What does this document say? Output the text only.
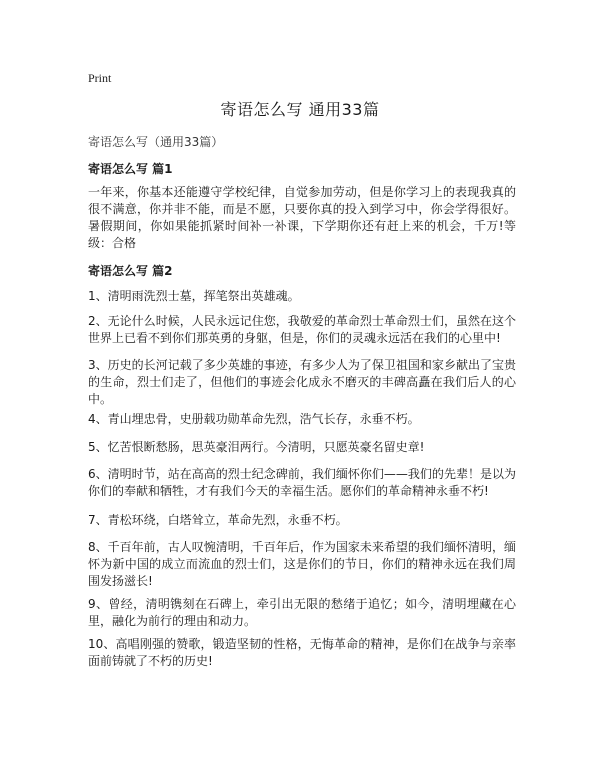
Print
寄语怎么写 通用33篇
寄语怎么写（通用33篇）
寄语怎么写 篇1

一年来，你基本还能遵守学校纪律，自觉参加劳动，但是你学习上的表现我真的很不满意，你并非不能，而是不愿，只要你真的投入到学习中，你会学得很好。暑假期间，你如果能抓紧时间补一补课，下学期你还有赶上来的机会，千万!等级：合格

寄语怎么写 篇2

1、清明雨洗烈士墓，挥笔祭出英雄魂。

2、无论什么时候，人民永远记住您，我敬爱的革命烈士革命烈士们，虽然在这个世界上已看不到你们那英勇的身躯，但是，你们的灵魂永远活在我们的心里中!

3、历史的长河记载了多少英雄的事迹，有多少人为了保卫祖国和家乡献出了宝贵的生命，烈士们走了，但他们的事迹会化成永不磨灭的丰碑高矗在我们后人的心中。

4、青山埋忠骨，史册载功勋革命先烈，浩气长存，永垂不朽。

5、忆苦恨断愁肠，思英豪泪两行。今清明，只愿英豪名留史章!

6、清明时节，站在高高的烈士纪念碑前，我们缅怀你们——我们的先辈！是以为你们的奉献和牺牲，才有我们今天的幸福生活。愿你们的革命精神永垂不朽!

7、青松环绕，白塔耸立，革命先烈，永垂不朽。

8、千百年前，古人叹惋清明，千百年后，作为国家未来希望的我们缅怀清明，缅怀为新中国的成立而流血的烈士们，这是你们的节日，你们的精神永远在我们周围发扬滋长!

9、曾经，清明镌刻在石碑上，牵引出无限的愁绪于追忆；如今，清明埋藏在心里，融化为前行的理由和动力。

10、高唱刚强的赞歌，锻造坚韧的性格，无悔革命的精神，是你们在战争与亲率面前铸就了不朽的历史!
